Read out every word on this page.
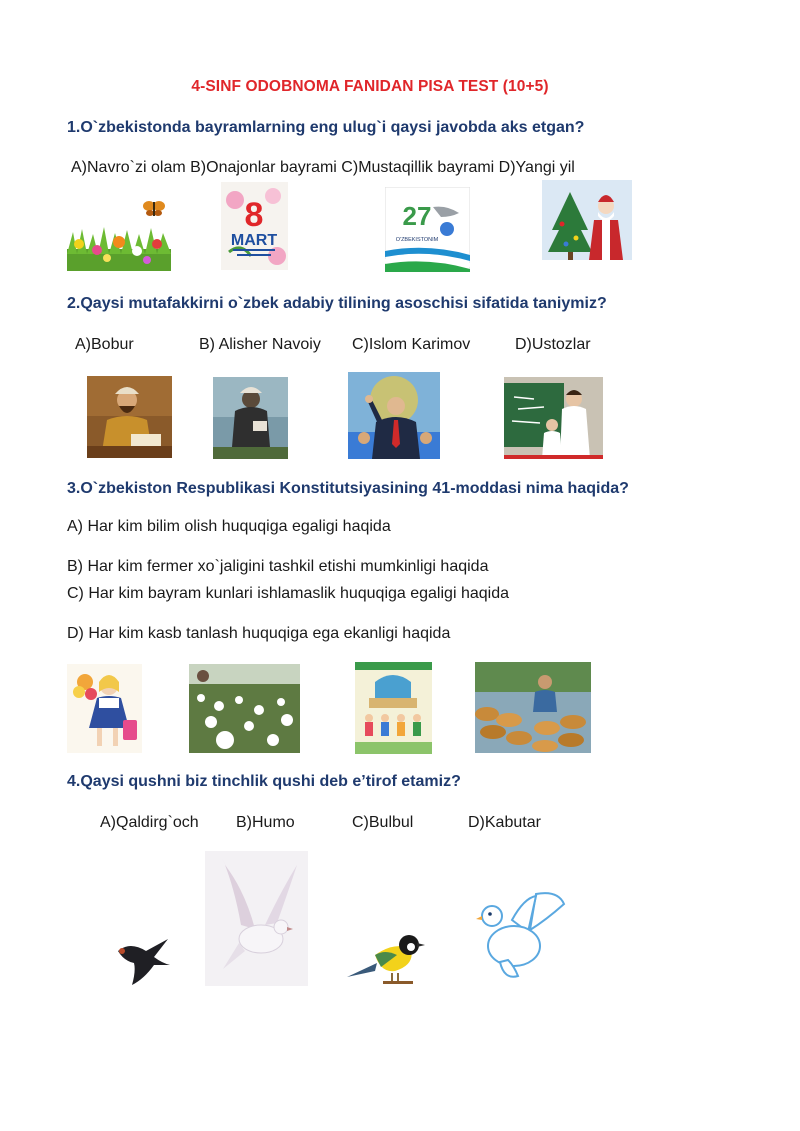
4-SINF ODOBNOMA FANIDAN PISA TEST (10+5)
1.O`zbekistonda bayramlarning eng ulug`i qaysi javobda aks etgan?
A)Navro`zi olam B)Onajonlar bayrami C)Mustaqillik bayrami D)Yangi yil
8
MART
27
O'ZBEKISTONIM
2.Qaysi mutafakkirni o`zbek adabiy tilining asoschisi sifatida taniymiz?
A)Bobur	B) Alisher Navoiy C)Islom Karimov	D)Ustozlar
3.O`zbekiston Respublikasi Konstitutsiyasining 41-moddasi nima haqida?
A) Har kim bilim olish huquqiga egaligi haqida
B) Har kim fermer xo`jaligini tashkil etishi mumkinligi haqida
C) Har kim bayram kunlari ishlamaslik huquqiga egaligi haqida
D) Har kim kasb tanlash huquqiga ega ekanligi haqida
4.Qaysi qushni biz tinchlik qushi deb e’tirof etamiz?
A)Qaldirg`och B)Humo	C)Bulbul	D)Kabutar
